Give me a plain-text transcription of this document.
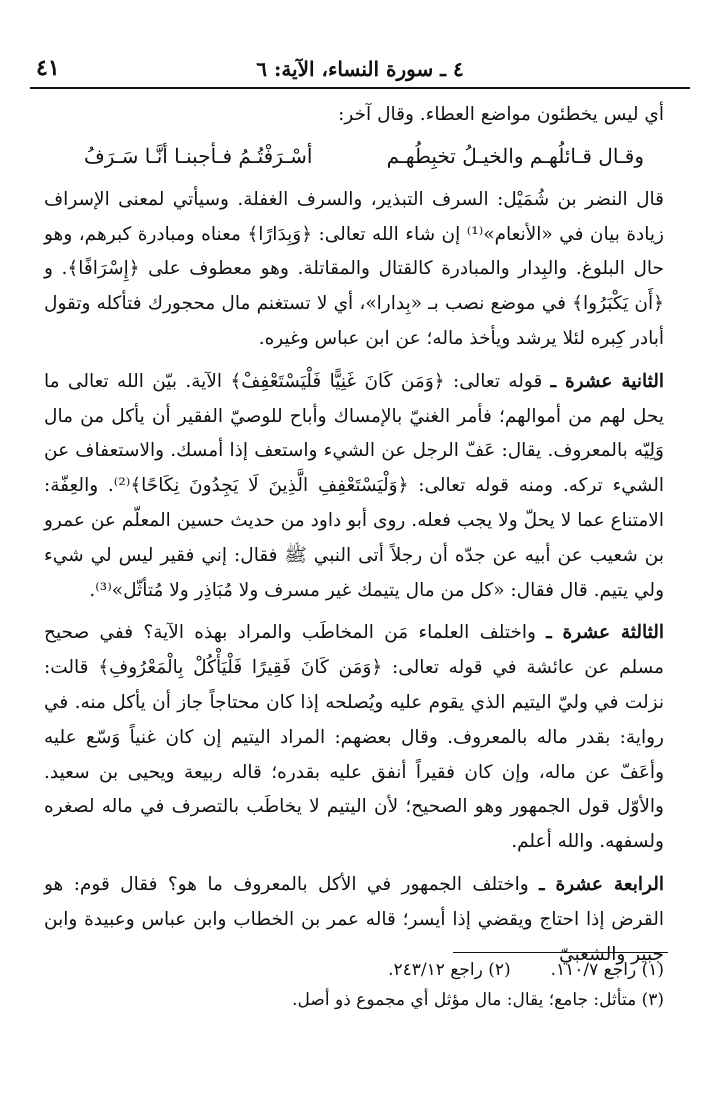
٤ ـ سورة النساء، الآية: ٦
٤١

أي ليس يخطئون مواضع العطاء. وقال آخر:

وقـال قـائلُهـم والخيـلُ تخبِطُهـم
أسْـرَفْتُـمُ فـأجبنـا أنَّـا سَـرَفُ

قال النضر بن شُمَيْل: السرف التبذير، والسرف الغفلة. وسيأتي لمعنى الإسراف زيادة بيان في «الأنعام»⁽¹⁾ إن شاء الله تعالى: ﴿وَبِدَارًا﴾ معناه ومبادرة كبرهم، وهو حال البلوغ. والبِدار والمبادرة كالقتال والمقاتلة. وهو معطوف على ﴿إِسْرَافًا﴾. و ﴿أَن يَكْبَرُوا﴾ في موضع نصب بـ «بِدارا»، أي لا تستغنم مال محجورك فتأكله وتقول أبادر كِبره لئلا يرشد ويأخذ ماله؛ عن ابن عباس وغيره.

الثانية عشرة ـ قوله تعالى: ﴿وَمَن كَانَ غَنِيًّا فَلْيَسْتَعْفِفْ﴾ الآية. بيّن الله تعالى ما يحل لهم من أموالهم؛ فأمر الغنيّ بالإمساك وأباح للوصيّ الفقير أن يأكل من مال وَلِيّه بالمعروف. يقال: عَفّ الرجل عن الشيء واستعف إذا أمسك. والاستعفاف عن الشيء تركه. ومنه قوله تعالى: ﴿وَلْيَسْتَعْفِفِ الَّذِينَ لَا يَجِدُونَ نِكَاحًا﴾⁽²⁾. والعِفّة: الامتناع عما لا يحلّ ولا يجب فعله. روى أبو داود من حديث حسين المعلّم عن عمرو بن شعيب عن أبيه عن جدّه أن رجلاً أتى النبي ﷺ فقال: إني فقير ليس لي شيء ولي يتيم. قال فقال: «كل من مال يتيمك غير مسرف ولا مُبَاذِر ولا مُتأثّل»⁽³⁾.

الثالثة عشرة ـ واختلف العلماء مَن المخاطَب والمراد بهذه الآية؟ ففي صحيح مسلم عن عائشة في قوله تعالى: ﴿وَمَن كَانَ فَقِيرًا فَلْيَأْكُلْ بِالْمَعْرُوفِ﴾ قالت: نزلت في وليّ اليتيم الذي يقوم عليه ويُصلحه إذا كان محتاجاً جاز أن يأكل منه. في رواية: بقدر ماله بالمعروف. وقال بعضهم: المراد اليتيم إن كان غنياً وَسّع عليه وأعَفّ عن ماله، وإن كان فقيراً أنفق عليه بقدره؛ قاله ربيعة ويحيى بن سعيد. والأوّل قول الجمهور وهو الصحيح؛ لأن اليتيم لا يخاطَب بالتصرف في ماله لصغره ولسفهه. والله أعلم.

الرابعة عشرة ـ واختلف الجمهور في الأكل بالمعروف ما هو؟ فقال قوم: هو القرض إذا احتاج ويقضي إذا أيسر؛ قاله عمر بن الخطاب وابن عباس وعبيدة وابن جبير والشعبيّ

(١) راجع ١١٠/٧.
(٢) راجع ٢٤٣/١٢.
(٣) متأثل: جامع؛ يقال: مال مؤثل أي مجموع ذو أصل.
